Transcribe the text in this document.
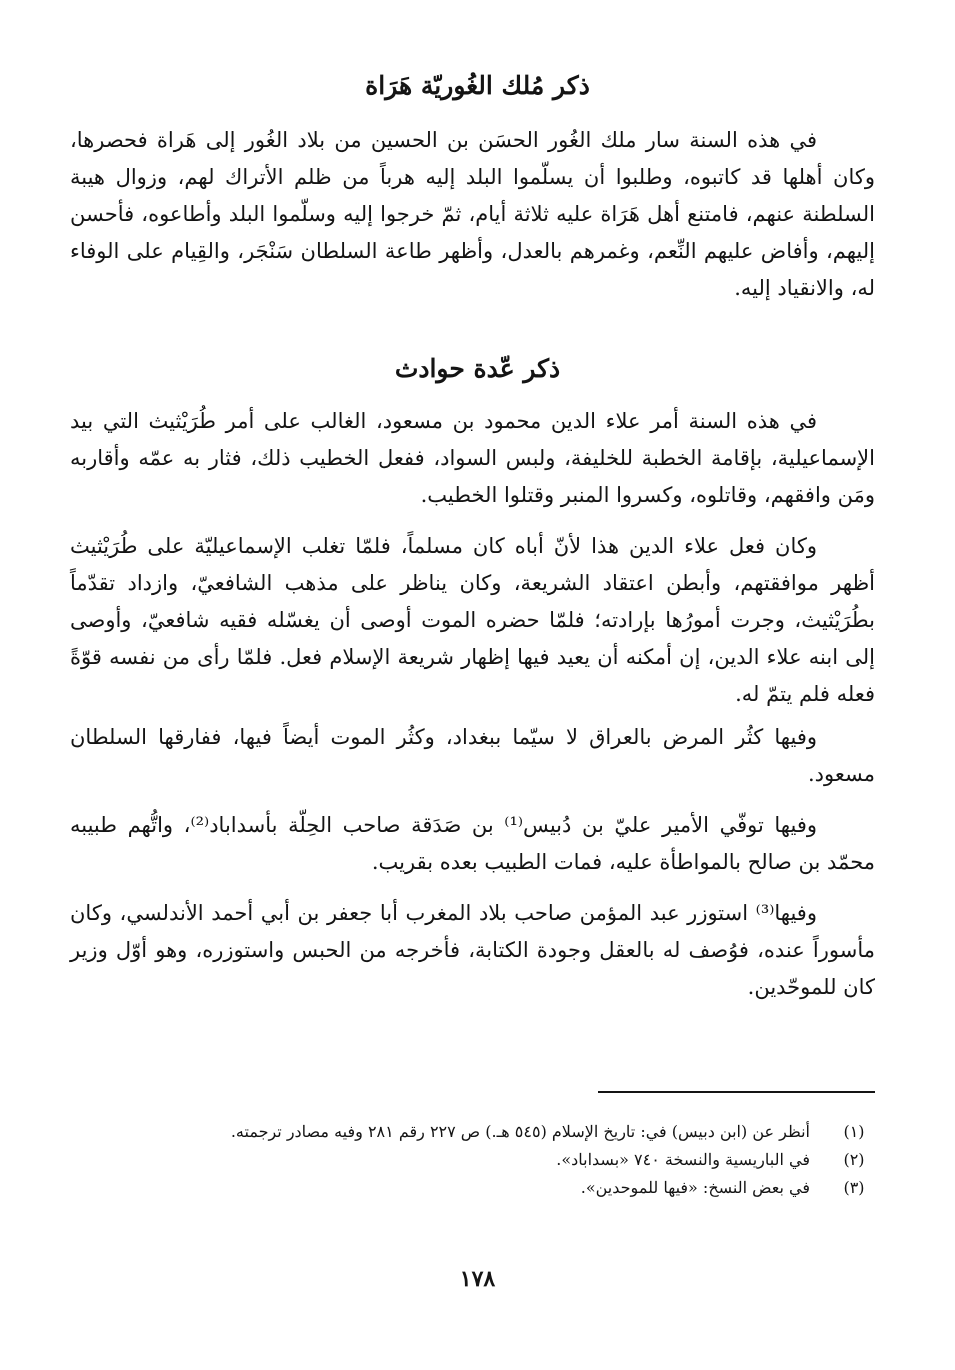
ذكر مُلك الغُوريّة هَرَاة

في هذه السنة سار ملك الغُور الحسَن بن الحسين من بلاد الغُور إلى هَراة فحصرها، وكان أهلها قد كاتبوه، وطلبوا أن يسلّموا البلد إليه هرباً من ظلم الأتراك لهم، وزوال هيبة السلطنة عنهم، فامتنع أهل هَرَاة عليه ثلاثة أيام، ثمّ خرجوا إليه وسلّموا البلد وأطاعوه، فأحسن إليهم، وأفاض عليهم النِّعم، وغمرهم بالعدل، وأظهر طاعة السلطان سَنْجَر، والقِيام على الوفاء له، والانقياد إليه.

ذكر عّدة حوادث

في هذه السنة أمر علاء الدين محمود بن مسعود، الغالب على أمر طُرَيْثيث التي بيد الإسماعيلية، بإقامة الخطبة للخليفة، ولبس السواد، ففعل الخطيب ذلك، فثار به عمّه وأقاربه ومَن وافقهم، وقاتلوه، وكسروا المنبر وقتلوا الخطيب.

وكان فعل علاء الدين هذا لأنّ أباه كان مسلماً، فلمّا تغلب الإسماعيليّة على طُرَيْثيث أظهر موافقتهم، وأبطن اعتقاد الشريعة، وكان يناظر على مذهب الشافعيّ، وازداد تقدّماً بطُرَيْثيث، وجرت أمورُها بإرادته؛ فلمّا حضره الموت أوصى أن يغسّله فقيه شافعيّ، وأوصى إلى ابنه علاء الدين، إن أمكنه أن يعيد فيها إظهار شريعة الإسلام فعل. فلمّا رأى من نفسه قوّةً فعله فلم يتمّ له.

وفيها كثُر المرض بالعراق لا سيّما ببغداد، وكثُر الموت أيضاً فيها، ففارقها السلطان مسعود.

وفيها توفّي الأمير عليّ بن دُبيس⁽¹⁾ بن صَدَقة صاحب الحِلّة بأسداباد⁽²⁾، واتُّهم طبيبه محمّد بن صالح بالمواطأة عليه، فمات الطبيب بعده بقريب.

وفيها⁽³⁾ استوزر عبد المؤمن صاحب بلاد المغرب أبا جعفر بن أبي أحمد الأندلسي، وكان مأسوراً عنده، فوُصف له بالعقل وجودة الكتابة، فأخرجه من الحبس واستوزره، وهو أوّل وزير كان للموحّدين.

(١)
أنظر عن (ابن دبيس) في: تاريخ الإسلام (٥٤٥ هـ.) ص ٢٢٧ رقم ٢٨١ وفيه مصادر ترجمته.
(٢)
في الباريسية والنسخة ٧٤٠ «بسداباد».
(٣)
في بعض النسخ: «فيها للموحدين».
١٧٨
